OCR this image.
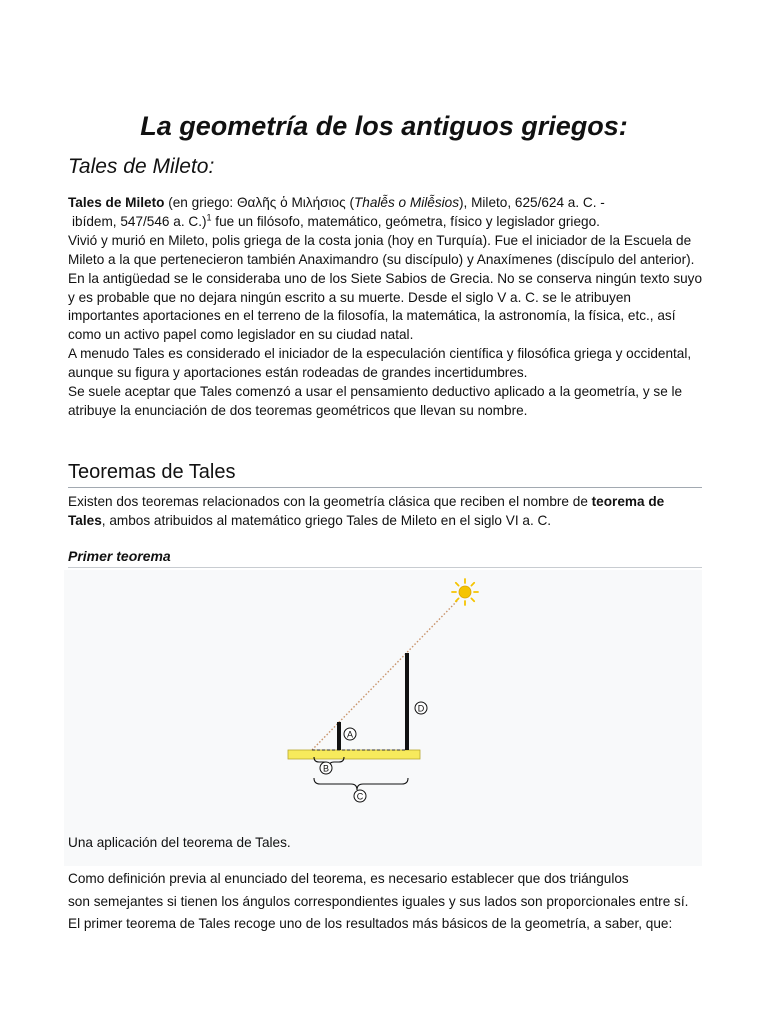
La geometría de los antiguos griegos:
Tales de Mileto:

Tales de Mileto (en griego: Θαλῆς ὁ Μιλήσιος (Thalễs o Milễsios), Mileto, 625/624 a. C. -

ibídem, 547/546 a. C.)$^1$ fue un filósofo, matemático, geómetra, físico y legislador griego.

Vivió y murió en Mileto, polis griega de la costa jonia (hoy en Turquía). Fue el iniciador de la Escuela de Mileto a la que pertenecieron también Anaximandro (su discípulo) y Anaxímenes (discípulo del anterior). En la antigüedad se le consideraba uno de los Siete Sabios de Grecia. No se conserva ningún texto suyo y es probable que no dejara ningún escrito a su muerte. Desde el siglo V a. C. se le atribuyen importantes aportaciones en el terreno de la filosofía, la matemática, la astronomía, la física, etc., así como un activo papel como legislador en su ciudad natal.

A menudo Tales es considerado el iniciador de la especulación científica y filosófica griega y occidental, aunque su figura y aportaciones están rodeadas de grandes incertidumbres.

Se suele aceptar que Tales comenzó a usar el pensamiento deductivo aplicado a la geometría, y se le atribuye la enunciación de dos teoremas geométricos que llevan su nombre.

Teoremas de Tales

Existen dos teoremas relacionados con la geometría clásica que reciben el nombre de teorema de Tales, ambos atribuidos al matemático griego Tales de Mileto en el siglo VI a. C.

Primer teorema
A
B
C
D

Una aplicación del teorema de Tales.

Como definición previa al enunciado del teorema, es necesario establecer que dos triángulos

son semejantes si tienen los ángulos correspondientes iguales y sus lados son proporcionales entre sí.

El primer teorema de Tales recoge uno de los resultados más básicos de la geometría, a saber, que:
